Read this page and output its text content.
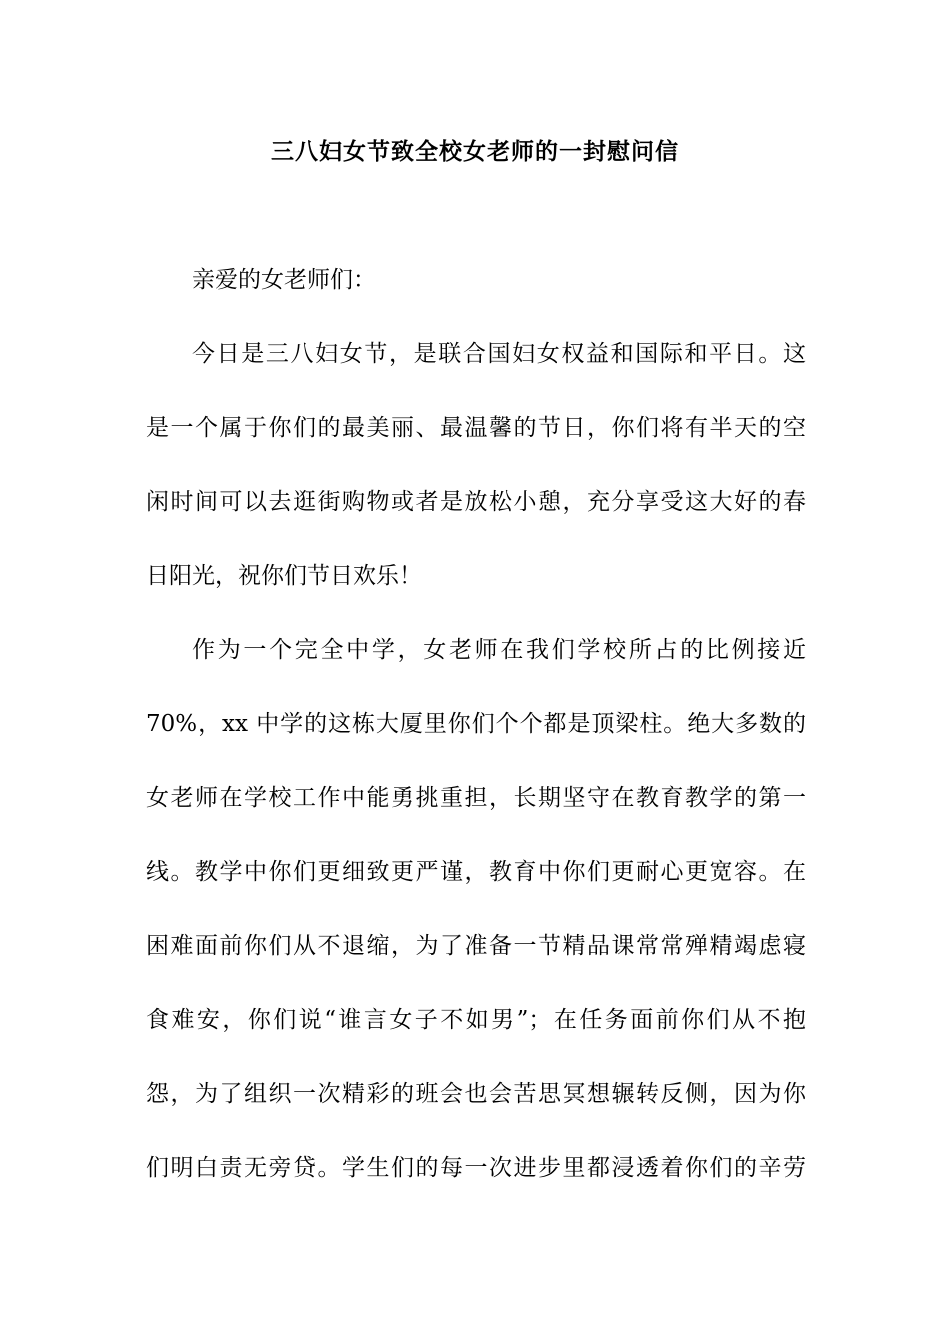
三八妇女节致全校女老师的一封慰问信
亲爱的女老师们：
今日是三八妇女节，是联合国妇女权益和国际和平日。这
是一个属于你们的最美丽、最温馨的节日，你们将有半天的空
闲时间可以去逛街购物或者是放松小憩，充分享受这大好的春
日阳光，祝你们节日欢乐！
作为一个完全中学，女老师在我们学校所占的比例接近
70%，xx 中学的这栋大厦里你们个个都是顶梁柱。绝大多数的
女老师在学校工作中能勇挑重担，长期坚守在教育教学的第一
线。教学中你们更细致更严谨，教育中你们更耐心更宽容。在
困难面前你们从不退缩，为了准备一节精品课常常殚精竭虑寝
食难安，你们说“谁言女子不如男”；在任务面前你们从不抱
怨，为了组织一次精彩的班会也会苦思冥想辗转反侧，因为你
们明白责无旁贷。学生们的每一次进步里都浸透着你们的辛劳
